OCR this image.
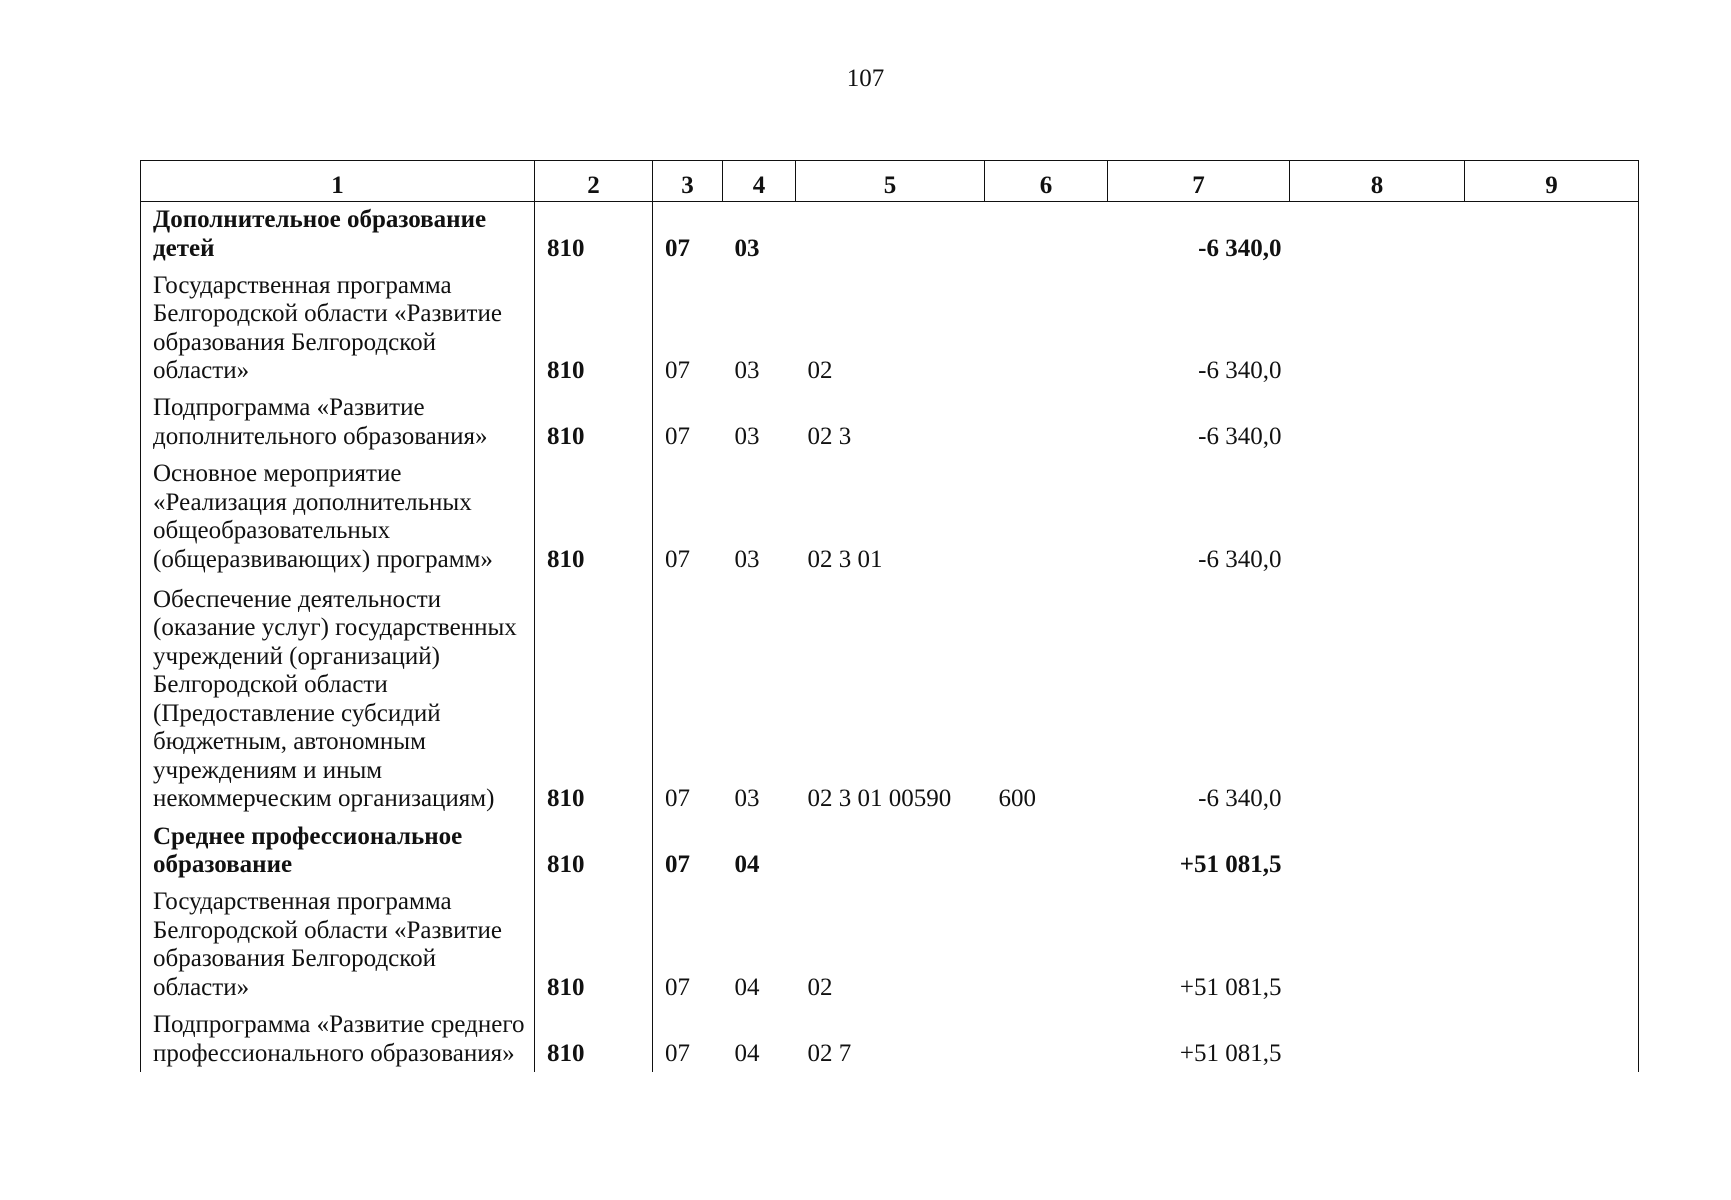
107
1	2	3	4	5	6	7	8	9
Дополнительное образование детей	810	07	03			-6 340,0		
Государственная программа Белгородской области «Развитие образования Белгородской области»	810	07	03	02		-6 340,0		
Подпрограмма «Развитие дополнительного образования»	810	07	03	02 3		-6 340,0		
Основное мероприятие «Реализация дополнительных общеобразовательных (общеразвивающих) программ»	810	07	03	02 3 01		-6 340,0		
Обеспечение деятельности (оказание услуг) государственных учреждений (организаций) Белгородской области (Предоставление субсидий бюджетным, автономным учреждениям и иным некоммерческим организациям)	810	07	03	02 3 01 00590	600	-6 340,0		
Среднее профессиональное образование	810	07	04			+51 081,5		
Государственная программа Белгородской области «Развитие образования Белгородской области»	810	07	04	02		+51 081,5		
Подпрограмма «Развитие среднего профессионального образования»	810	07	04	02 7		+51 081,5		
